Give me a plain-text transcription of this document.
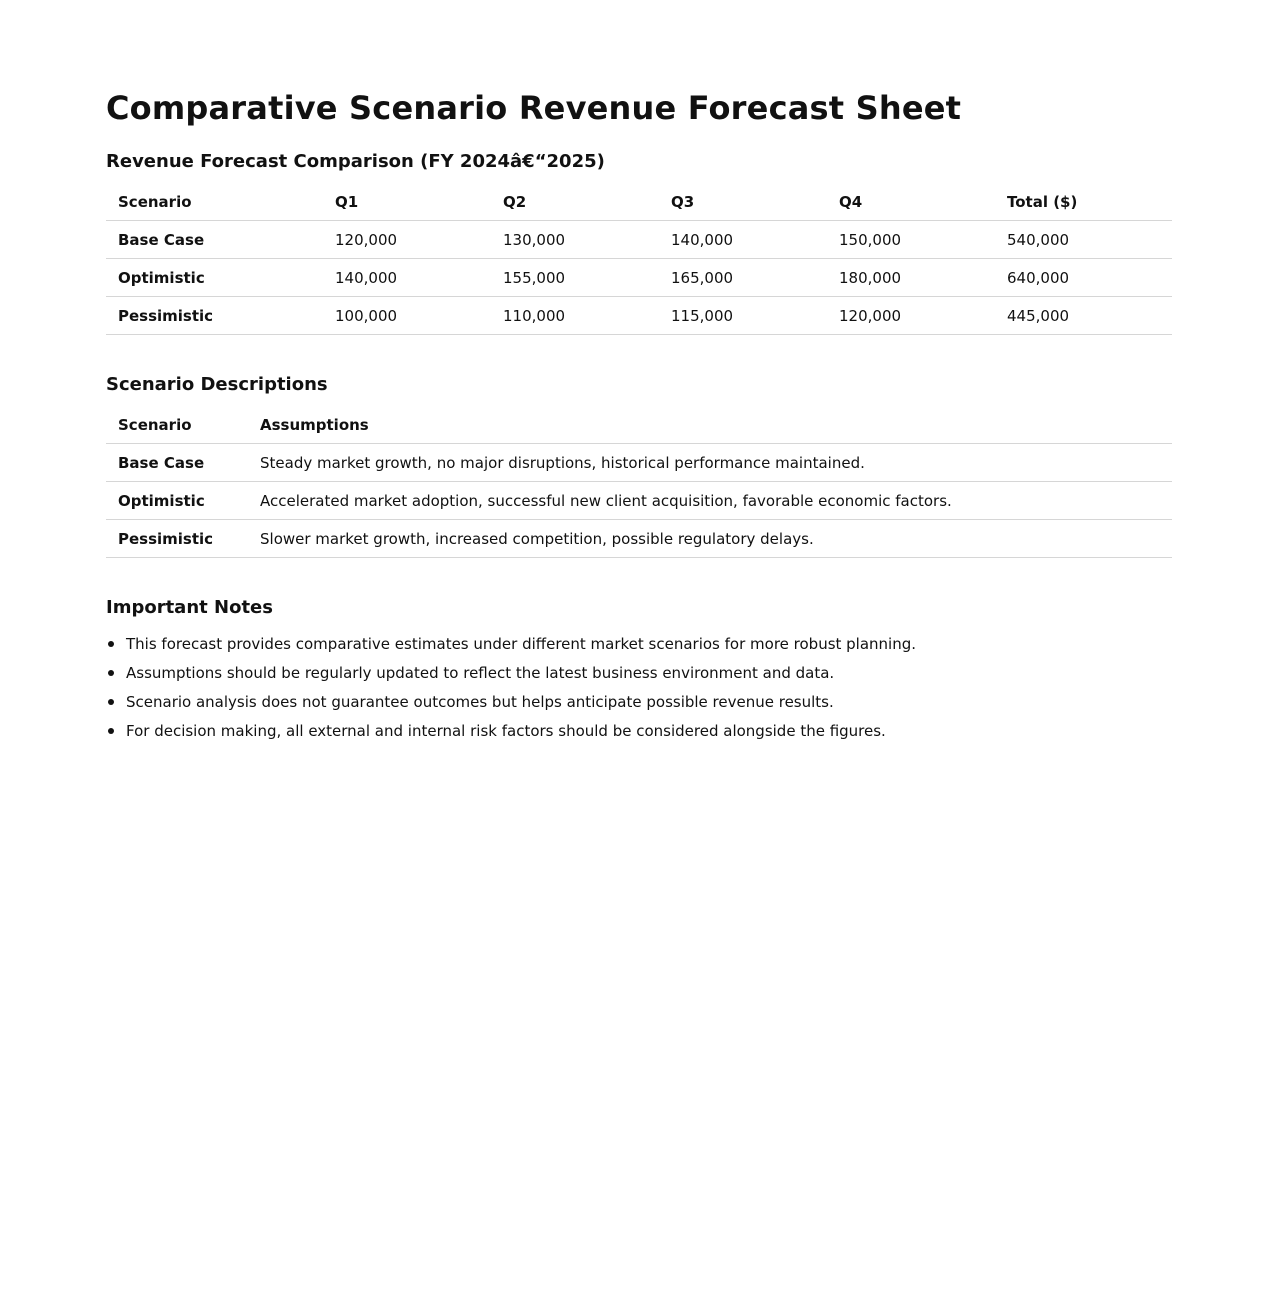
Comparative Scenario Revenue Forecast Sheet
Revenue Forecast Comparison (FY 2024â€“2025)
Scenario	Q1	Q2	Q3	Q4	Total ($)
Base Case	120,000	130,000	140,000	150,000	540,000
Optimistic	140,000	155,000	165,000	180,000	640,000
Pessimistic	100,000	110,000	115,000	120,000	445,000
Scenario Descriptions
Scenario	Assumptions
Base Case	Steady market growth, no major disruptions, historical performance maintained.
Optimistic	Accelerated market adoption, successful new client acquisition, favorable economic factors.
Pessimistic	Slower market growth, increased competition, possible regulatory delays.
Important Notes
This forecast provides comparative estimates under different market scenarios for more robust planning.
Assumptions should be regularly updated to reflect the latest business environment and data.
Scenario analysis does not guarantee outcomes but helps anticipate possible revenue results.
For decision making, all external and internal risk factors should be considered alongside the figures.
